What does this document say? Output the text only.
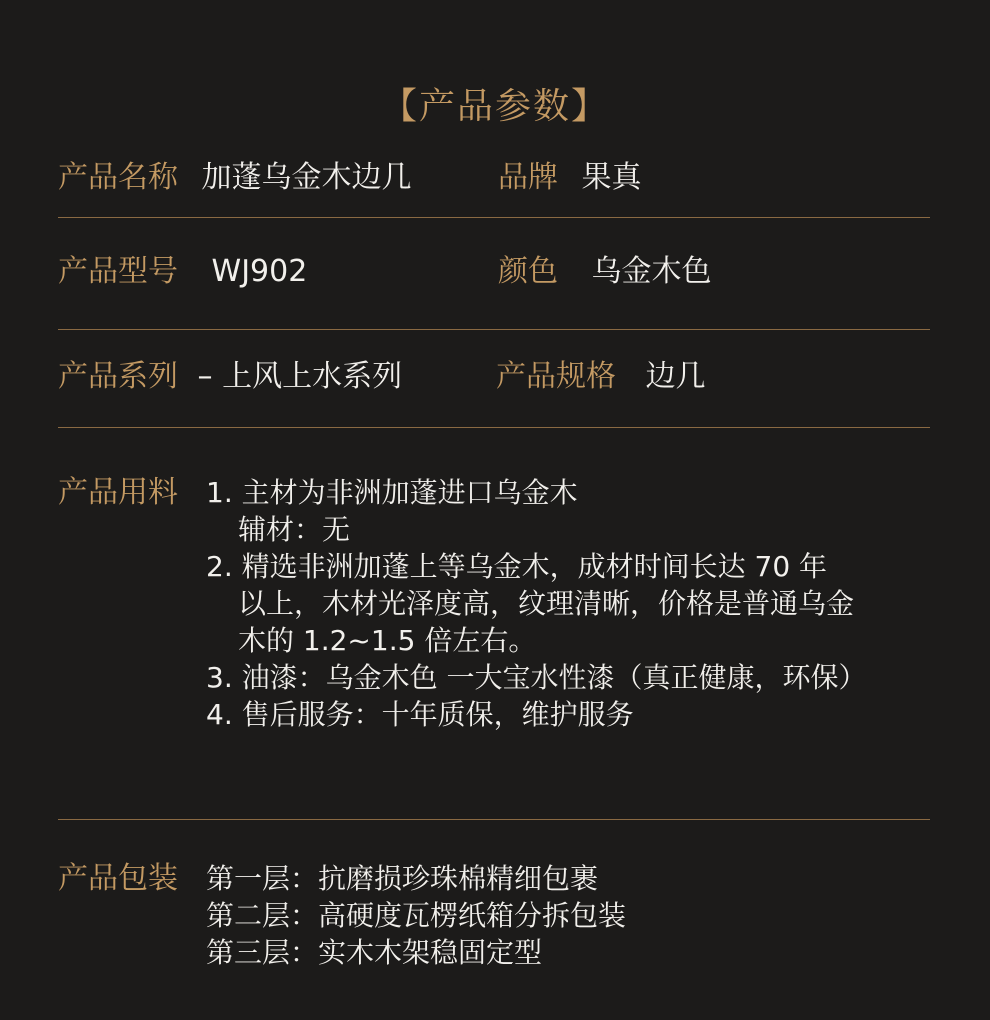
【产品参数】
产品名称 加蓬乌金木边几	品牌 果真
产品型号 WJ902	颜色 乌金木色
产品系列 – 上风上水系列	产品规格 边几
产品用料 1. 主材为非洲加蓬进口乌金木
辅材：无
2. 精选非洲加蓬上等乌金木，成材时间长达 70 年
以上，木材光泽度高，纹理清晰，价格是普通乌金
木的 1.2~1.5 倍左右。
3. 油漆：乌金木色 一大宝水性漆（真正健康，环保）
4. 售后服务：十年质保，维护服务
产品包装 第一层：抗磨损珍珠棉精细包裹
第二层：高硬度瓦楞纸箱分拆包装
第三层：实木木架稳固定型
